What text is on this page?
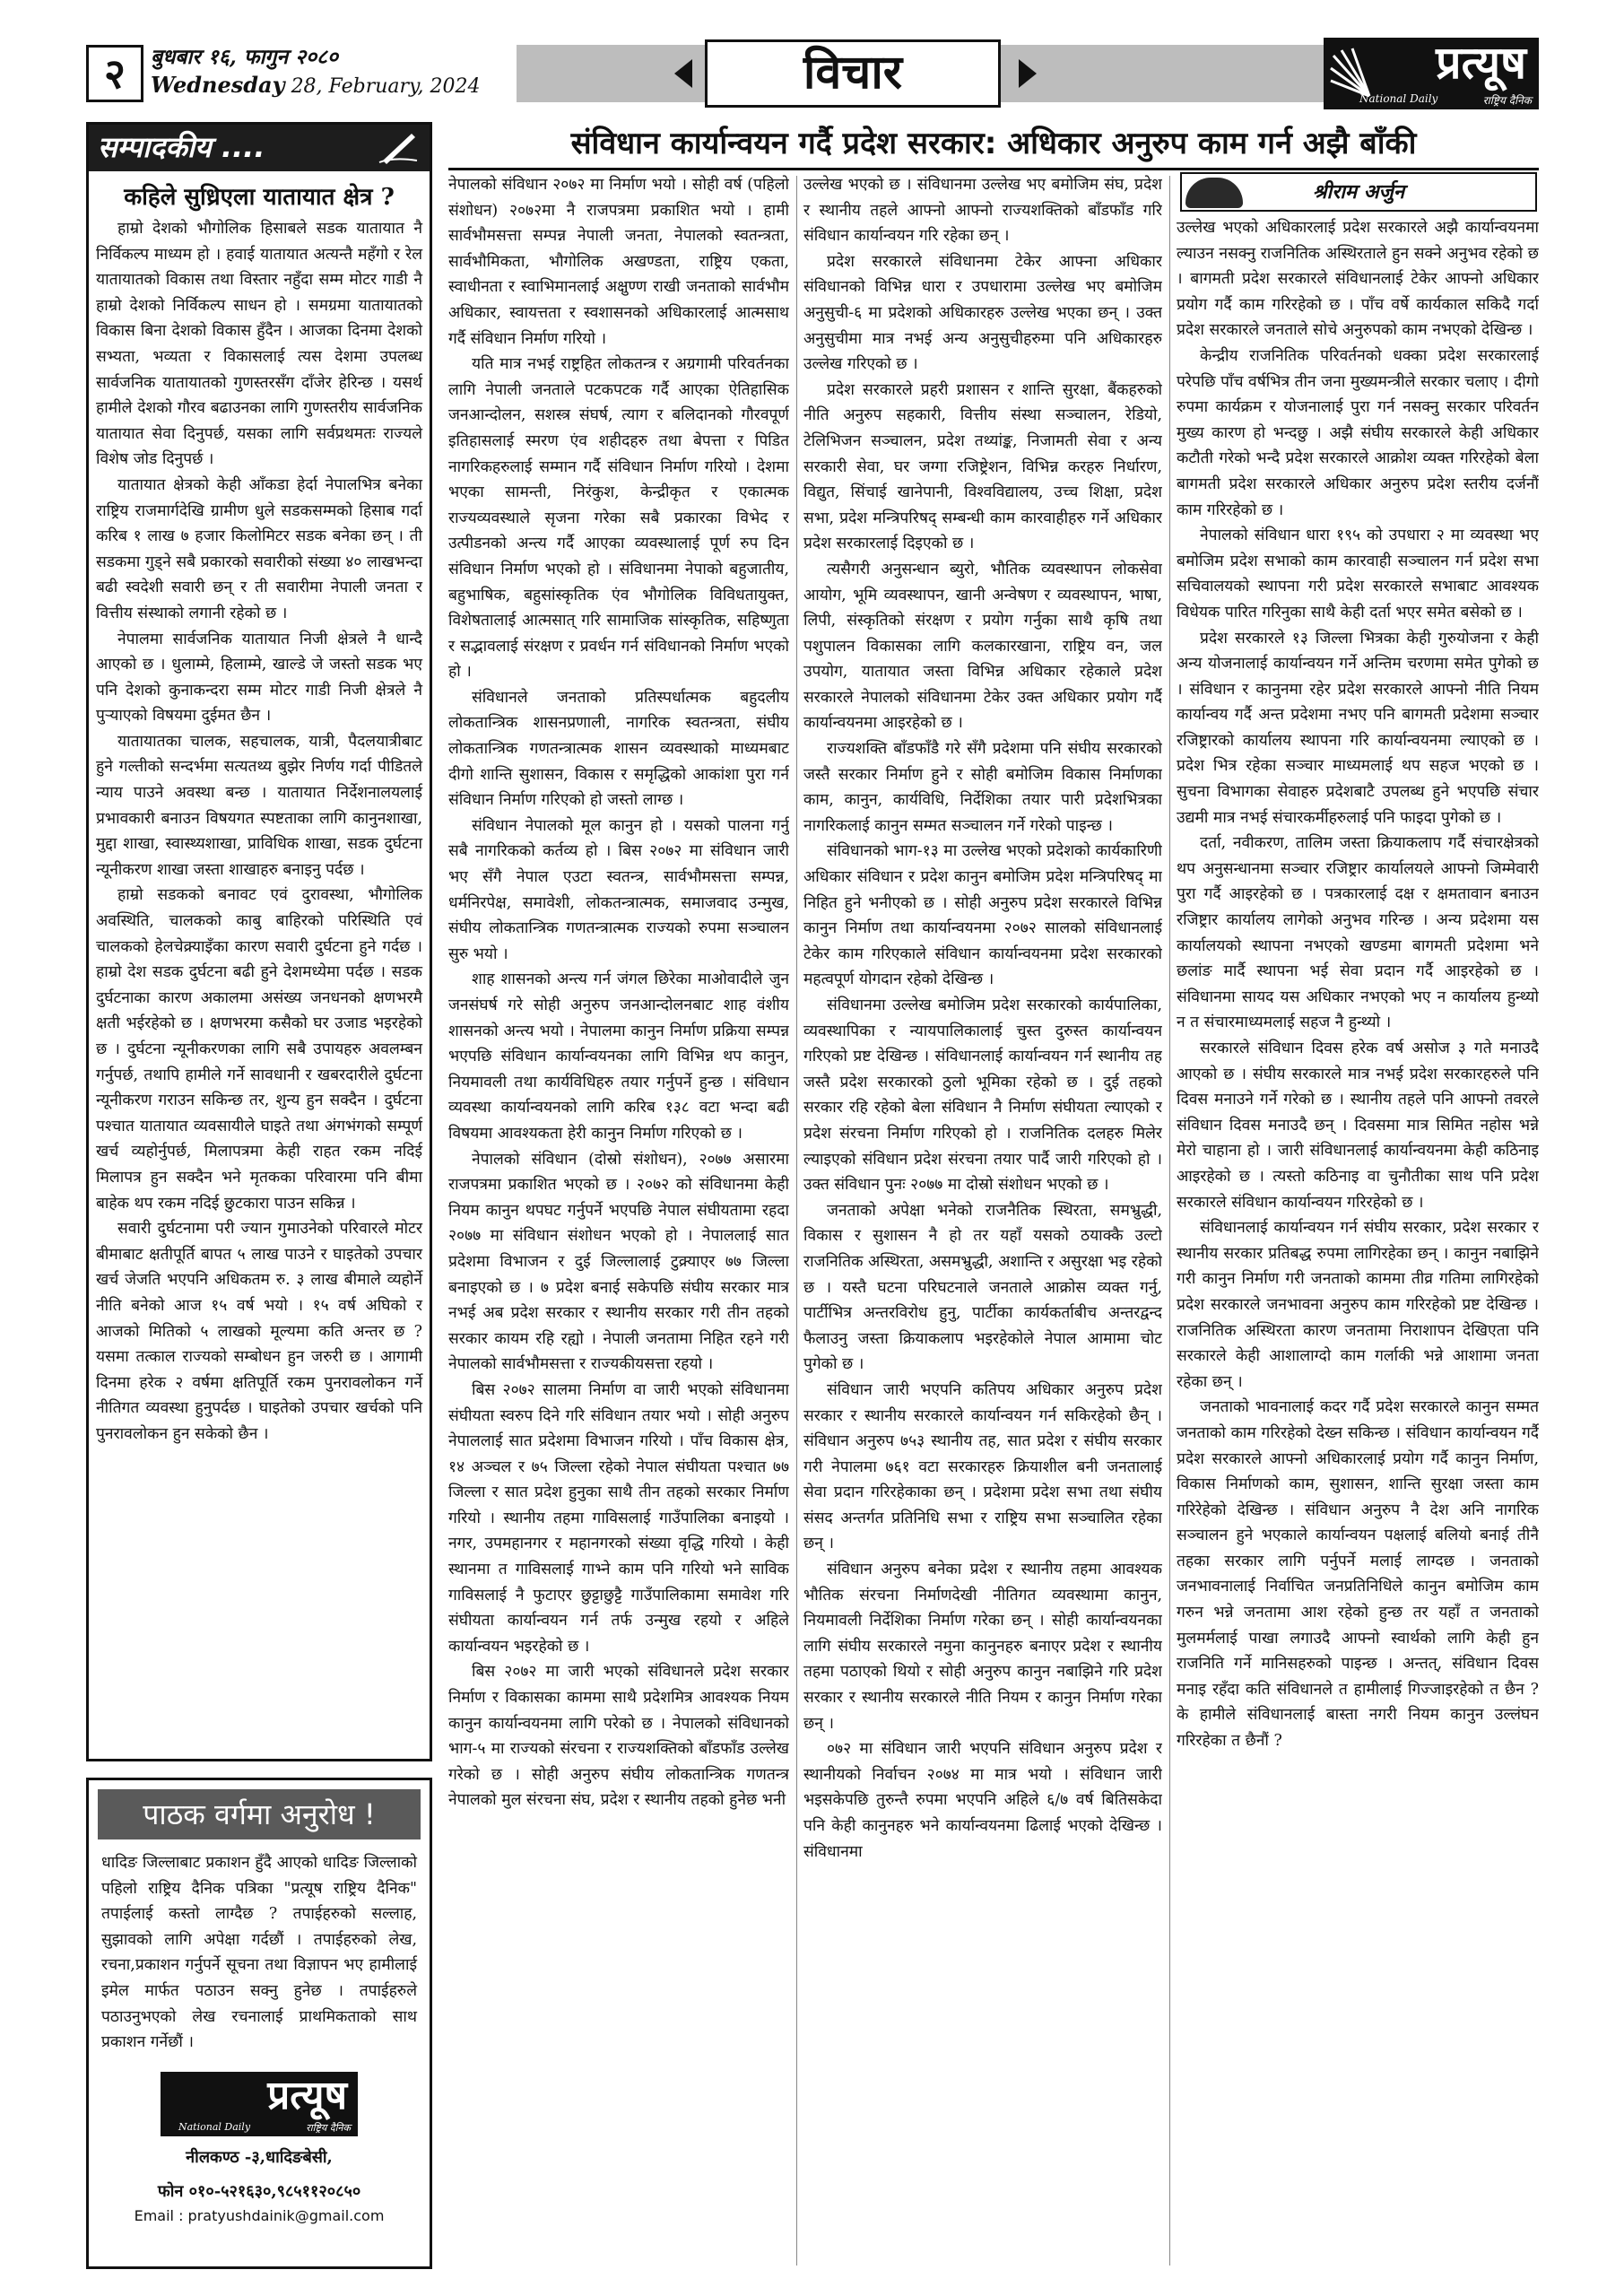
२	बुधबार १६, फागुन २०८०
Wednesday 28, February, 2024	विचार	प्रत्यूष
National Daily	राष्ट्रिय दैनिक
सम्पादकीय ....
कहिले सुध्रिएला यातायात क्षेत्र ?

हाम्रो देशको भौगोलिक हिसाबले सडक यातायात नै निर्विकल्प माध्यम हो । हवाई यातायात अत्यन्तै महँगो र रेल यातायातको विकास तथा विस्तार नहुँदा सम्म मोटर गाडी नै हाम्रो देशको निर्विकल्प साधन हो । समग्रमा यातायातको विकास बिना देशको विकास हुँदैन । आजका दिनमा देशको सभ्यता, भव्यता र विकासलाई त्यस देशमा उपलब्ध सार्वजनिक यातायातको गुणस्तरसँग दाँजेर हेरिन्छ । यसर्थ हामीले देशको गौरव बढाउनका लागि गुणस्तरीय सार्वजनिक यातायात सेवा दिनुपर्छ, यसका लागि सर्वप्रथमतः राज्यले विशेष जोड दिनुपर्छ ।

यातायात क्षेत्रको केही आँकडा हेर्दा नेपालभित्र बनेका राष्ट्रिय राजमार्गदेखि ग्रामीण धुले सडकसम्मको हिसाब गर्दा करिब १ लाख ७ हजार किलोमिटर सडक बनेका छन् । ती सडकमा गुड्ने सबै प्रकारको सवारीको संख्या ४० लाखभन्दा बढी स्वदेशी सवारी छन् र ती सवारीमा नेपाली जनता र वित्तीय संस्थाको लगानी रहेको छ ।

नेपालमा सार्वजनिक यातायात निजी क्षेत्रले नै धान्दै आएको छ । धुलाम्मे, हिलाम्मे, खाल्डे जे जस्तो सडक भए पनि देशको कुनाकन्दरा सम्म मोटर गाडी निजी क्षेत्रले नै पुऱ्याएको विषयमा दुईमत छैन ।

यातायातका चालक, सहचालक, यात्री, पैदलयात्रीबाट हुने गल्तीको सन्दर्भमा सत्यतथ्य बुझेर निर्णय गर्दा पीडितले न्याय पाउने अवस्था बन्छ । यातायात निर्देशनालयलाई प्रभावकारी बनाउन विषयगत स्पष्टताका लागि कानुनशाखा, मुद्दा शाखा, स्वास्थ्यशाखा, प्राविधिक शाखा, सडक दुर्घटना न्यूनीकरण शाखा जस्ता शाखाहरु बनाइनु पर्दछ ।

हाम्रो सडकको बनावट एवं दुरावस्था, भौगोलिक अवस्थिति, चालकको काबु बाहिरको परिस्थिति एवं चालकको हेलचेक्र्याइँका कारण सवारी दुर्घटना हुने गर्दछ । हाम्रो देश सडक दुर्घटना बढी हुने देशमध्येमा पर्दछ । सडक दुर्घटनाका कारण अकालमा असंख्य जनधनको क्षणभरमै क्षती भईरहेको छ । क्षणभरमा कसैको घर उजाड भइरहेको छ । दुर्घटना न्यूनीकरणका लागि सबै उपायहरु अवलम्बन गर्नुपर्छ, तथापि हामीले गर्ने सावधानी र खबरदारीले दुर्घटना न्यूनीकरण गराउन सकिन्छ तर, शुन्य हुन सक्दैन । दुर्घटना पश्चात यातायात व्यवसायीले घाइते तथा अंगभंगको सम्पूर्ण खर्च व्यहोर्नुपर्छ, मिलापत्रमा केही राहत रकम नदिई मिलापत्र हुन सक्दैन भने मृतकका परिवारमा पनि बीमा बाहेक थप रकम नदिई छुटकारा पाउन सकिन्न ।

सवारी दुर्घटनामा परी ज्यान गुमाउनेको परिवारले मोटर बीमाबाट क्षतीपूर्ति बापत ५ लाख पाउने र घाइतेको उपचार खर्च जेजति भएपनि अधिकतम रु. ३ लाख बीमाले व्यहोर्ने नीति बनेको आज १५ वर्ष भयो । १५ वर्ष अघिको र आजको मितिको ५ लाखको मूल्यमा कति अन्तर छ ? यसमा तत्काल राज्यको सम्बोधन हुन जरुरी छ । आगामी दिनमा हरेक २ वर्षमा क्षतिपूर्ति रकम पुनरावलोकन गर्ने नीतिगत व्यवस्था हुनुपर्दछ । घाइतेको उपचार खर्चको पनि पुनरावलोकन हुन सकेको छैन ।

पाठक वर्गमा अनुरोध !
धादिङ जिल्लाबाट प्रकाशन हुँदै आएको धादिङ जिल्लाको पहिलो राष्ट्रिय दैनिक पत्रिका "प्रत्यूष राष्ट्रिय दैनिक" तपाईलाई कस्तो लाग्दैछ ? तपाईहरुको सल्लाह, सुझावको लागि अपेक्षा गर्दछौं । तपाईहरुको लेख, रचना,प्रकाशन गर्नुपर्ने सूचना तथा विज्ञापन भए हामीलाई इमेल मार्फत पठाउन सक्नु हुनेछ । तपाईहरुले पठाउनुभएको लेख रचनालाई प्राथमिकताको साथ प्रकाशन गर्नेछौं ।
प्रत्यूष
National Daily	राष्ट्रिय दैनिक
नीलकण्ठ -३,धादिङबेसी,
फोन ०१०-५२१६३०,९८५११२०८५०
Email : pratyushdainik@gmail.com
संविधान कार्यान्वयन गर्दै प्रदेश सरकार: अधिकार अनुरुप काम गर्न अझै बाँकी

नेपालको संविधान २०७२ मा निर्माण भयो । सोही वर्ष (पहिलो संशोधन) २०७२मा नै राजपत्रमा प्रकाशित भयो । हामी सार्वभौमसत्ता सम्पन्न नेपाली जनता, नेपालको स्वतन्त्रता, सार्वभौमिकता, भौगोलिक अखण्डता, राष्ट्रिय एकता, स्वाधीनता र स्वाभिमानलाई अक्षुण्ण राखी जनताको सार्वभौम अधिकार, स्वायत्तता र स्वशासनको अधिकारलाई आत्मसाथ गर्दै संविधान निर्माण गरियो ।

यति मात्र नभई राष्ट्रहित लोकतन्त्र र अग्रगामी परिवर्तनका लागि नेपाली जनताले पटकपटक गर्दै आएका ऐतिहासिक जनआन्दोलन, सशस्त्र संघर्ष, त्याग र बलिदानको गौरवपूर्ण इतिहासलाई स्मरण एंव शहीदहरु तथा बेपत्ता र पिडित नागरिकहरुलाई सम्मान गर्दै संविधान निर्माण गरियो । देशमा भएका सामन्ती, निरंकुश, केन्द्रीकृत र एकात्मक राज्यव्यवस्थाले सृजना गरेका सबै प्रकारका विभेद र उत्पीडनको अन्त्य गर्दै आएका व्यवस्थालाई पूर्ण रुप दिन संविधान निर्माण भएको हो । संविधानमा नेपाको बहुजातीय, बहुभाषिक, बहुसांस्कृतिक एंव भौगोलिक विविधतायुक्त, विशेषतालाई आत्मसात् गरि सामाजिक सांस्कृतिक, सहिष्णुता र सद्भावलाई संरक्षण र प्रवर्धन गर्न संविधानको निर्माण भएको हो ।

संविधानले जनताको प्रतिस्पर्धात्मक बहुदलीय लोकतान्त्रिक शासनप्रणाली, नागरिक स्वतन्त्रता, संघीय लोकतान्त्रिक गणतन्त्रात्मक शासन व्यवस्थाको माध्यमबाट दीगो शान्ति सुशासन, विकास र समृद्धिको आकांशा पुरा गर्न संविधान निर्माण गरिएको हो जस्तो लाग्छ ।

संविधान नेपालको मूल कानुन हो । यसको पालना गर्नु सबै नागरिकको कर्तव्य हो । बिस २०७२ मा संविधान जारी भए सँगै नेपाल एउटा स्वतन्त्र, सार्वभौमसत्ता सम्पन्न, धर्मनिरपेक्ष, समावेशी, लोकतन्त्रात्मक, समाजवाद उन्मुख, संघीय लोकतान्त्रिक गणतन्त्रात्मक राज्यको रुपमा सञ्चालन सुरु भयो ।

शाह शासनको अन्त्य गर्न जंगल छिरेका माओवादीले जुन जनसंघर्ष गरे सोही अनुरुप जनआन्दोलनबाट शाह वंशीय शासनको अन्त्य भयो । नेपालमा कानुन निर्माण प्रक्रिया सम्पन्न भएपछि संविधान कार्यान्वयनका लागि विभिन्न थप कानुन, नियमावली तथा कार्यविधिहरु तयार गर्नुपर्ने हुन्छ । संविधान व्यवस्था कार्यान्वयनको लागि करिब १३८ वटा भन्दा बढी विषयमा आवश्यकता हेरी कानुन निर्माण गरिएको छ ।

नेपालको संविधान (दोस्रो संशोधन), २०७७ असारमा राजपत्रमा प्रकाशित भएको छ । २०७२ को संविधानमा केही नियम कानुन थपघट गर्नुपर्ने भएपछि नेपाल संघीयतामा रहदा २०७७ मा संविधान संशोधन भएको हो । नेपाललाई सात प्रदेशमा विभाजन र दुई जिल्लालाई टुक्र्याएर ७७ जिल्ला बनाइएको छ । ७ प्रदेश बनाई सकेपछि संघीय सरकार मात्र नभई अब प्रदेश सरकार र स्थानीय सरकार गरी तीन तहको सरकार कायम रहि रह्यो । नेपाली जनतामा निहित रहने गरी नेपालको सार्वभौमसत्ता र राज्यकीयसत्ता रहयो ।

बिस २०७२ सालमा निर्माण वा जारी भएको संविधानमा संघीयता स्वरुप दिने गरि संविधान तयार भयो । सोही अनुरुप नेपाललाई सात प्रदेशमा विभाजन गरियो । पाँच विकास क्षेत्र, १४ अञ्चल र ७५ जिल्ला रहेको नेपाल संघीयता पश्चात ७७ जिल्ला र सात प्रदेश हुनुका साथै तीन तहको सरकार निर्माण गरियो । स्थानीय तहमा गाविसलाई गाउँपालिका बनाइयो । नगर, उपमहानगर र महानगरको संख्या वृद्धि गरियो । केही स्थानमा त गाविसलाई गाभ्ने काम पनि गरियो भने साविक गाविसलाई नै फुटाएर छुट्टाछुट्टै गाउँपालिकामा समावेश गरि संघीयता कार्यान्वयन गर्न तर्फ उन्मुख रहयो र अहिले कार्यान्वयन भइरहेको छ ।

बिस २०७२ मा जारी भएको संविधानले प्रदेश सरकार निर्माण र विकासका काममा साथै प्रदेशमित्र आवश्यक नियम कानुन कार्यान्वयनमा लागि परेको छ । नेपालको संविधानको भाग-५ मा राज्यको संरचना र राज्यशक्तिको बाँडफाँड उल्लेख गरेको छ । सोही अनुरुप संघीय लोकतान्त्रिक गणतन्त्र नेपालको मुल संरचना संघ, प्रदेश र स्थानीय तहको हुनेछ भनी

उल्लेख भएको छ । संविधानमा उल्लेख भए बमोजिम संघ, प्रदेश र स्थानीय तहले आफ्नो आफ्नो राज्यशक्तिको बाँडफाँड गरि संविधान कार्यान्वयन गरि रहेका छन् ।

प्रदेश सरकारले संविधानमा टेकेर आफ्ना अधिकार संविधानको विभिन्न धारा र उपधारामा उल्लेख भए बमोजिम अनुसुची-६ मा प्रदेशको अधिकारहरु उल्लेख भएका छन् । उक्त अनुसुचीमा मात्र नभई अन्य अनुसुचीहरुमा पनि अधिकारहरु उल्लेख गरिएको छ ।

प्रदेश सरकारले प्रहरी प्रशासन र शान्ति सुरक्षा, बैंकहरुको नीति अनुरुप सहकारी, वित्तीय संस्था सञ्चालन, रेडियो, टेलिभिजन सञ्चालन, प्रदेश तथ्यांङ्क, निजामती सेवा र अन्य सरकारी सेवा, घर जग्गा रजिष्ट्रेशन, विभिन्न करहरु निर्धारण, विद्युत, सिंचाई खानेपानी, विश्वविद्यालय, उच्च शिक्षा, प्रदेश सभा, प्रदेश मन्त्रिपरिषद् सम्बन्धी काम कारवाहीहरु गर्ने अधिकार प्रदेश सरकारलाई दिइएको छ ।

त्यसैगरी अनुसन्धान ब्युरो, भौतिक व्यवस्थापन लोकसेवा आयोग, भूमि व्यवस्थापन, खानी अन्वेषण र व्यवस्थापन, भाषा, लिपी, संस्कृतिको संरक्षण र प्रयोग गर्नुका साथै कृषि तथा पशुपालन विकासका लागि कलकारखाना, राष्ट्रिय वन, जल उपयोग, यातायात जस्ता विभिन्न अधिकार रहेकाले प्रदेश सरकारले नेपालको संविधानमा टेकेर उक्त अधिकार प्रयोग गर्दै कार्यान्वयनमा आइरहेको छ ।

राज्यशक्ति बाँडफाँडै गरे सँगै प्रदेशमा पनि संघीय सरकारको जस्तै सरकार निर्माण हुने र सोही बमोजिम विकास निर्माणका काम, कानुन, कार्यविधि, निर्देशिका तयार पारी प्रदेशभित्रका नागरिकलाई कानुन सम्मत सञ्चालन गर्ने गरेको पाइन्छ ।

संविधानको भाग-१३ मा उल्लेख भएको प्रदेशको कार्यकारिणी अधिकार संविधान र प्रदेश कानुन बमोजिम प्रदेश मन्त्रिपरिषद् मा निहित हुने भनीएको छ । सोही अनुरुप प्रदेश सरकारले विभिन्न कानुन निर्माण तथा कार्यान्वयनमा २०७२ सालको संविधानलाई टेकेर काम गरिएकाले संविधान कार्यान्वयनमा प्रदेश सरकारको महत्वपूर्ण योगदान रहेको देखिन्छ ।

संविधानमा उल्लेख बमोजिम प्रदेश सरकारको कार्यपालिका, व्यवस्थापिका र न्यायपालिकालाई चुस्त दुरुस्त कार्यान्वयन गरिएको प्रष्ट देखिन्छ । संविधानलाई कार्यान्वयन गर्न स्थानीय तह जस्तै प्रदेश सरकारको ठुलो भूमिका रहेको छ । दुई तहको सरकार रहि रहेको बेला संविधान नै निर्माण संघीयता ल्याएको र प्रदेश संरचना निर्माण गरिएको हो । राजनितिक दलहरु मिलेर ल्याइएको संविधान प्रदेश संरचना तयार पार्दै जारी गरिएको हो । उक्त संविधान पुनः २०७७ मा दोस्रो संशोधन भएको छ ।

जनताको अपेक्षा भनेको राजनैतिक स्थिरता, समभ्रुद्धी, विकास र सुशासन नै हो तर यहाँ यसको ठयाक्कै उल्टो राजनितिक अस्थिरता, असमभ्रुद्धी, अशान्ति र असुरक्षा भइ रहेको छ । यस्तै घटना परिघटनाले जनताले आक्रोस व्यक्त गर्नु, पार्टीभित्र अन्तरविरोध हुनु, पार्टीका कार्यकर्ताबीच अन्तरद्वन्द फैलाउनु जस्ता क्रियाकलाप भइरहेकोले नेपाल आमामा चोट पुगेको छ ।

संविधान जारी भएपनि कतिपय अधिकार अनुरुप प्रदेश सरकार र स्थानीय सरकारले कार्यान्वयन गर्न सकिरहेको छैन् । संविधान अनुरुप ७५३ स्थानीय तह, सात प्रदेश र संघीय सरकार गरी नेपालमा ७६१ वटा सरकारहरु क्रियाशील बनी जनतालाई सेवा प्रदान गरिरहेकाका छन् । प्रदेशमा प्रदेश सभा तथा संघीय संसद अन्तर्गत प्रतिनिधि सभा र राष्ट्रिय सभा सञ्चालित रहेका छन् ।

संविधान अनुरुप बनेका प्रदेश र स्थानीय तहमा आवश्यक भौतिक संरचना निर्माणदेखी नीतिगत व्यवस्थामा कानुन, नियमावली निर्देशिका निर्माण गरेका छन् । सोही कार्यान्वयनका लागि संघीय सरकारले नमुना कानुनहरु बनाएर प्रदेश र स्थानीय तहमा पठाएको थियो र सोही अनुरुप कानुन नबाझिने गरि प्रदेश सरकार र स्थानीय सरकारले नीति नियम र कानुन निर्माण गरेका छन् ।

०७२ मा संविधान जारी भएपनि संविधान अनुरुप प्रदेश र स्थानीयको निर्वाचन २०७४ मा मात्र भयो । संविधान जारी भइसकेपछि तुरुन्तै रुपमा भएपनि अहिले ६/७ वर्ष बितिसकेदा पनि केही कानुनहरु भने कार्यान्वयनमा ढिलाई भएको देखिन्छ । संविधानमा

श्रीराम अर्जुन

उल्लेख भएको अधिकारलाई प्रदेश सरकारले अझै कार्यान्वयनमा ल्याउन नसक्नु राजनितिक अस्थिरताले हुन सक्ने अनुभव रहेको छ । बागमती प्रदेश सरकारले संविधानलाई टेकेर आफ्नो अधिकार प्रयोग गर्दै काम गरिरहेको छ । पाँच वर्षे कार्यकाल सकिदै गर्दा प्रदेश सरकारले जनताले सोचे अनुरुपको काम नभएको देखिन्छ ।

केन्द्रीय राजनितिक परिवर्तनको धक्का प्रदेश सरकारलाई परेपछि पाँच वर्षभित्र तीन जना मुख्यमन्त्रीले सरकार चलाए । दीगो रुपमा कार्यक्रम र योजनालाई पुरा गर्न नसक्नु सरकार परिवर्तन मुख्य कारण हो भन्दछु । अझै संघीय सरकारले केही अधिकार कटौती गरेको भन्दै प्रदेश सरकारले आक्रोश व्यक्त गरिरहेको बेला बागमती प्रदेश सरकारले अधिकार अनुरुप प्रदेश स्तरीय दर्जनौं काम गरिरहेको छ ।

नेपालको संविधान धारा १९५ को उपधारा २ मा व्यवस्था भए बमोजिम प्रदेश सभाको काम कारवाही सञ्चालन गर्न प्रदेश सभा सचिवालयको स्थापना गरी प्रदेश सरकारले सभाबाट आवश्यक विधेयक पारित गरिनुका साथै केही दर्ता भएर समेत बसेको छ ।

प्रदेश सरकारले १३ जिल्ला भित्रका केही गुरुयोजना र केही अन्य योजनालाई कार्यान्वयन गर्ने अन्तिम चरणमा समेत पुगेको छ । संविधान र कानुनमा रहेर प्रदेश सरकारले आफ्नो नीति नियम कार्यान्वय गर्दै अन्त प्रदेशमा नभए पनि बागमती प्रदेशमा सञ्चार रजिष्ट्रारको कार्यालय स्थापना गरि कार्यान्वयनमा ल्याएको छ । प्रदेश भित्र रहेका सञ्चार माध्यमलाई थप सहज भएको छ । सुचना विभागका सेवाहरु प्रदेशबाटै उपलब्ध हुने भएपछि संचार उद्यमी मात्र नभई संचारकर्मीहरुलाई पनि फाइदा पुगेको छ ।

दर्ता, नवीकरण, तालिम जस्ता क्रियाकलाप गर्दै संचारक्षेत्रको थप अनुसन्धानमा सञ्चार रजिष्ट्रार कार्यालयले आफ्नो जिम्मेवारी पुरा गर्दै आइरहेको छ । पत्रकारलाई दक्ष र क्षमतावान बनाउन रजिष्ट्रार कार्यालय लागेको अनुभव गरिन्छ । अन्य प्रदेशमा यस कार्यालयको स्थापना नभएको खण्डमा बागमती प्रदेशमा भने छलांङ मार्दै स्थापना भई सेवा प्रदान गर्दै आइरहेको छ । संविधानमा सायद यस अधिकार नभएको भए न कार्यालय हुन्थ्यो न त संचारमाध्यमलाई सहज नै हुन्थ्यो ।

सरकारले संविधान दिवस हरेक वर्ष असोज ३ गते मनाउदै आएको छ । संघीय सरकारले मात्र नभई प्रदेश सरकारहरुले पनि दिवस मनाउने गर्ने गरेको छ । स्थानीय तहले पनि आफ्नो तवरले संविधान दिवस मनाउदै छन् । दिवसमा मात्र सिमित नहोस भन्ने मेरो चाहाना हो । जारी संविधानलाई कार्यान्वयनमा केही कठिनाइ आइरहेको छ । त्यस्तो कठिनाइ वा चुनौतीका साथ पनि प्रदेश सरकारले संविधान कार्यान्वयन गरिरहेको छ ।

संविधानलाई कार्यान्वयन गर्न संघीय सरकार, प्रदेश सरकार र स्थानीय सरकार प्रतिबद्ध रुपमा लागिरहेका छन् । कानुन नबाझिने गरी कानुन निर्माण गरी जनताको काममा तीव्र गतिमा लागिरहेको प्रदेश सरकारले जनभावना अनुरुप काम गरिरहेको प्रष्ट देखिन्छ । राजनितिक अस्थिरता कारण जनतामा निराशापन देखिएता पनि सरकारले केही आशालाग्दो काम गर्लाकी भन्ने आशामा जनता रहेका छन् ।

जनताको भावनालाई कदर गर्दै प्रदेश सरकारले कानुन सम्मत जनताको काम गरिरहेको देख्न सकिन्छ । संविधान कार्यान्वयन गर्दै प्रदेश सरकारले आफ्नो अधिकारलाई प्रयोग गर्दै कानुन निर्माण, विकास निर्माणको काम, सुशासन, शान्ति सुरक्षा जस्ता काम गरिरेहेको देखिन्छ । संविधान अनुरुप नै देश अनि नागरिक सञ्चालन हुने भएकाले कार्यान्वयन पक्षलाई बलियो बनाई तीनै तहका सरकार लागि पर्नुपर्ने मलाई लाग्दछ । जनताको जनभावनालाई निर्वाचित जनप्रतिनिधिले कानुन बमोजिम काम गरुन भन्ने जनतामा आश रहेको हुन्छ तर यहाँ त जनताको मुलमर्मलाई पाखा लगाउदै आफ्नो स्वार्थको लागि केही हुन राजनिति गर्ने मानिसहरुको पाइन्छ । अन्तत्, संविधान दिवस मनाइ रहँदा कति संविधानले त हामीलाई गिज्जाइरहेको त छैन ? के हामीले संविधानलाई बास्ता नगरी नियम कानुन उल्लंघन गरिरहेका त छैनौं ?
